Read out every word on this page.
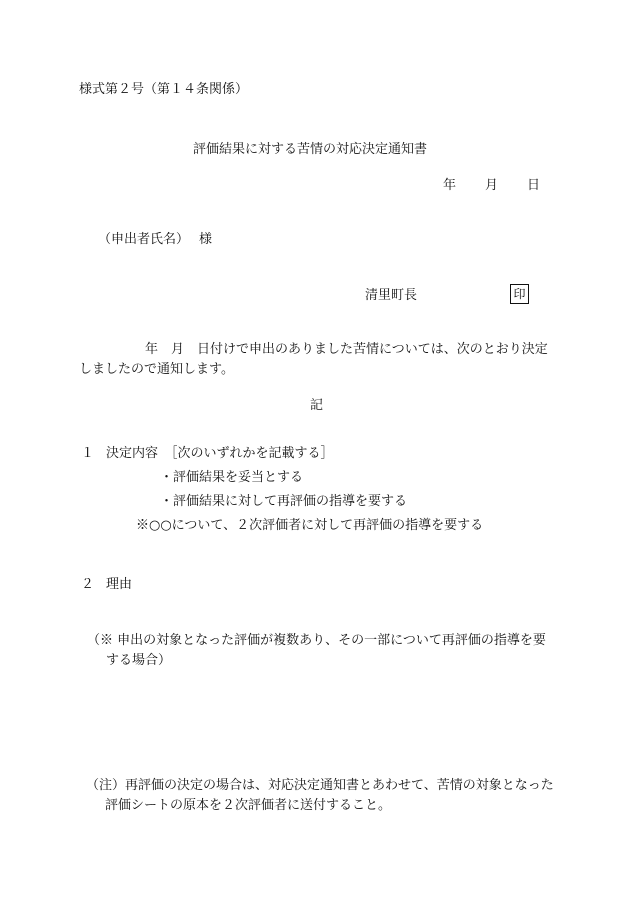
様式第２号（第１４条関係）
評価結果に対する苦情の対応決定通知書
年 月 日
（申出者氏名） 様
清里町長	印
　年　月　日付けで申出のありました苦情については、次のとおり決定しましたので通知します。
記
１ 決定内容　［次のいずれかを記載する］
・評価結果を妥当とする
・評価結果に対して再評価の指導を要する
※○○について、２次評価者に対して再評価の指導を要する
２ 理由
（※ 申出の対象となった評価が複数あり、その一部について再評価の指導を要する場合）
（注）再評価の決定の場合は、対応決定通知書とあわせて、苦情の対象となった評価シートの原本を２次評価者に送付すること。
